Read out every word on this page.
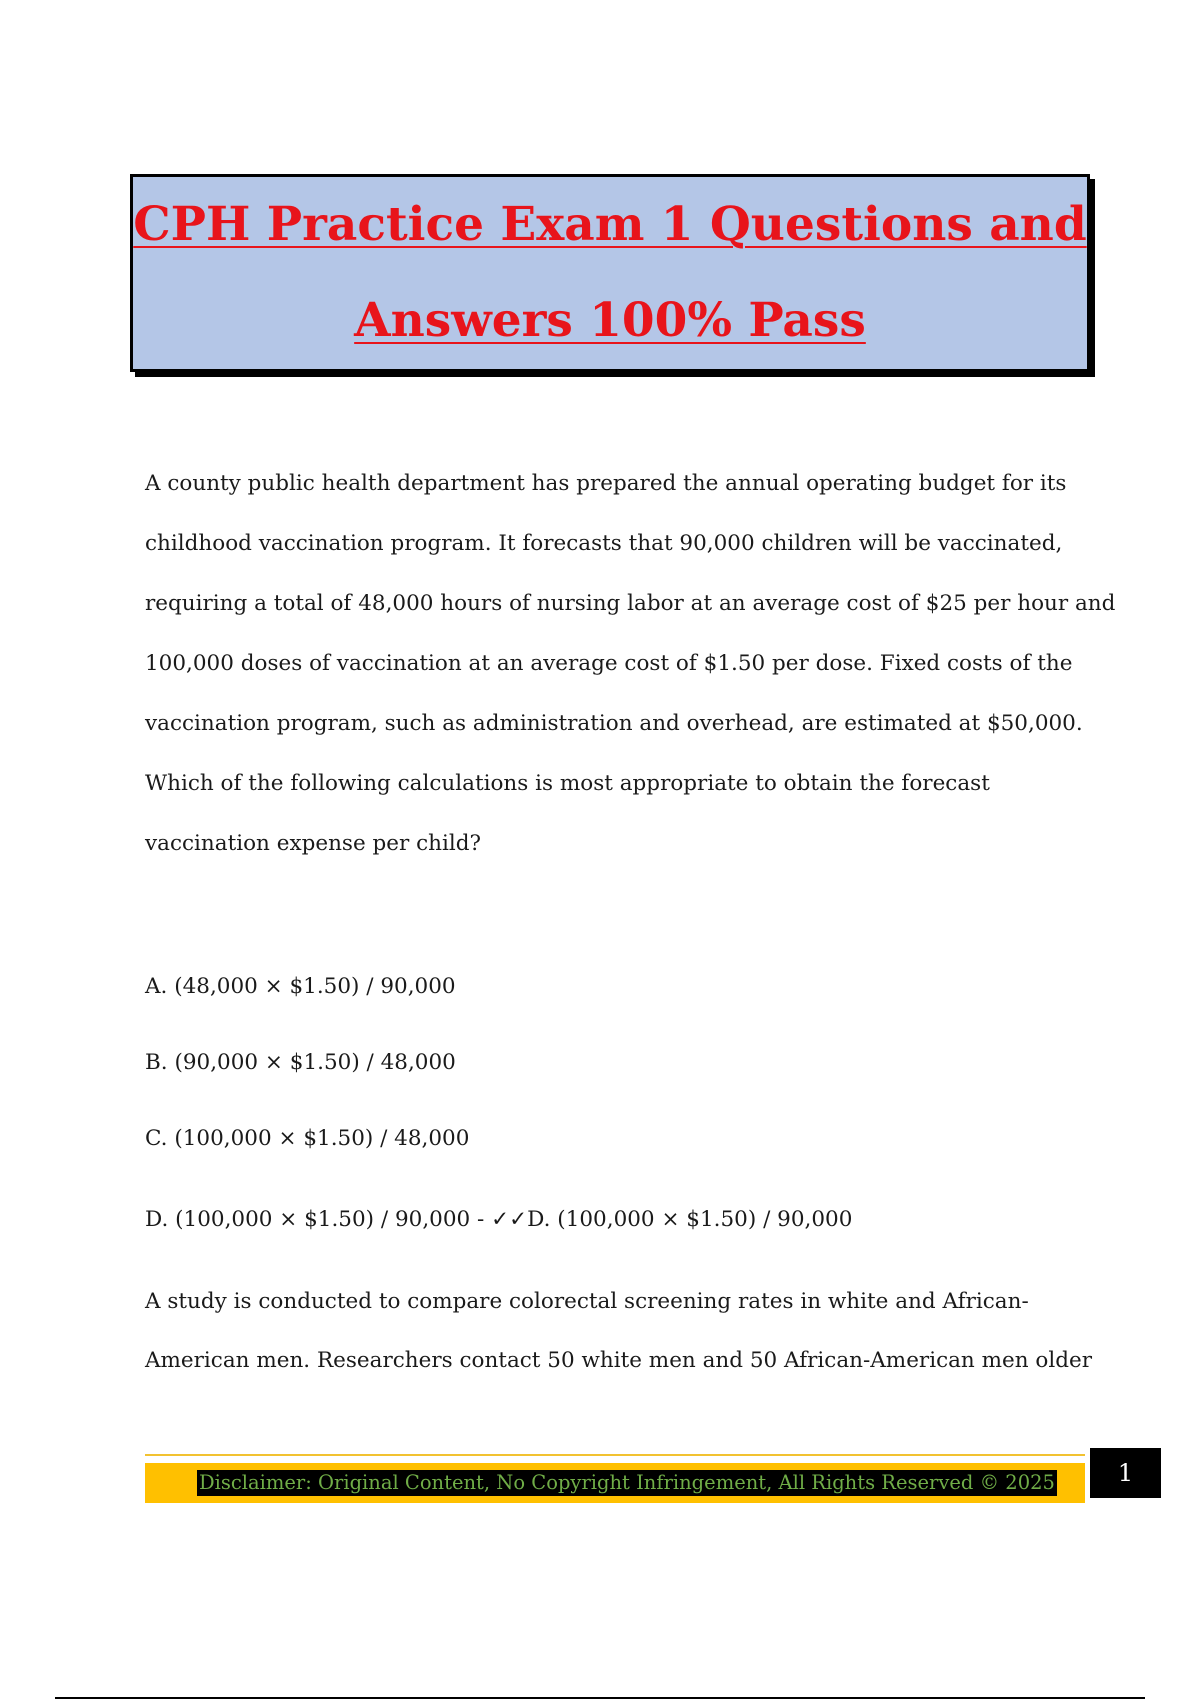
CPH Practice Exam 1 Questions and
Answers 100% Pass

A county public health department has prepared the annual operating budget for its

childhood vaccination program. It forecasts that 90,000 children will be vaccinated,

requiring a total of 48,000 hours of nursing labor at an average cost of $25 per hour and

100,000 doses of vaccination at an average cost of $1.50 per dose. Fixed costs of the

vaccination program, such as administration and overhead, are estimated at $50,000.

Which of the following calculations is most appropriate to obtain the forecast

vaccination expense per child?

A. (48,000 × $1.50) / 90,000
B. (90,000 × $1.50) / 48,000
C. (100,000 × $1.50) / 48,000
D. (100,000 × $1.50) / 90,000 - ✓✓D. (100,000 × $1.50) / 90,000

A study is conducted to compare colorectal screening rates in white and African-

American men. Researchers contact 50 white men and 50 African-American men older

Disclaimer: Original Content, No Copyright Infringement, All Rights Reserved © 2025	1
